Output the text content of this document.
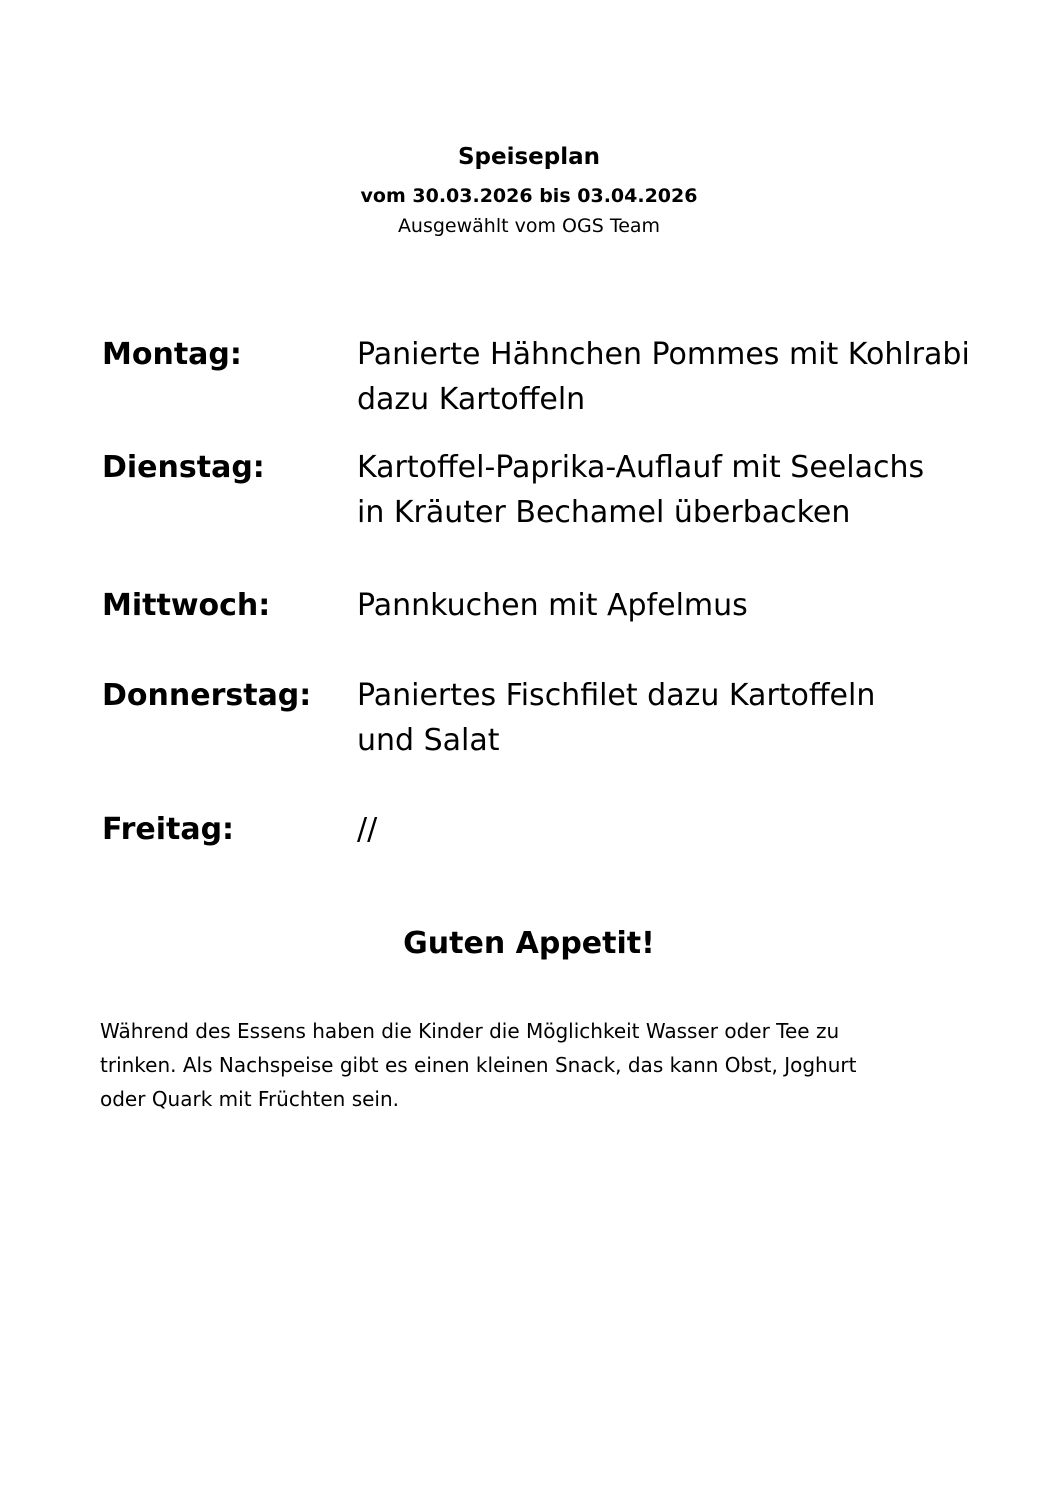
Speiseplan
vom 30.03.2026 bis 03.04.2026
Ausgewählt vom OGS Team
Montag:	Panierte Hähnchen Pommes mit Kohlrabi
dazu Kartoffeln
Dienstag:	Kartoffel-Paprika-Auflauf mit Seelachs
in Kräuter Bechamel überbacken
Mittwoch:	Pannkuchen mit Apfelmus
Donnerstag: Paniertes Fischfilet dazu Kartoffeln
und Salat
Freitag:	//
Guten Appetit!
Während des Essens haben die Kinder die Möglichkeit Wasser oder Tee zu
trinken. Als Nachspeise gibt es einen kleinen Snack, das kann Obst, Joghurt
oder Quark mit Früchten sein.
